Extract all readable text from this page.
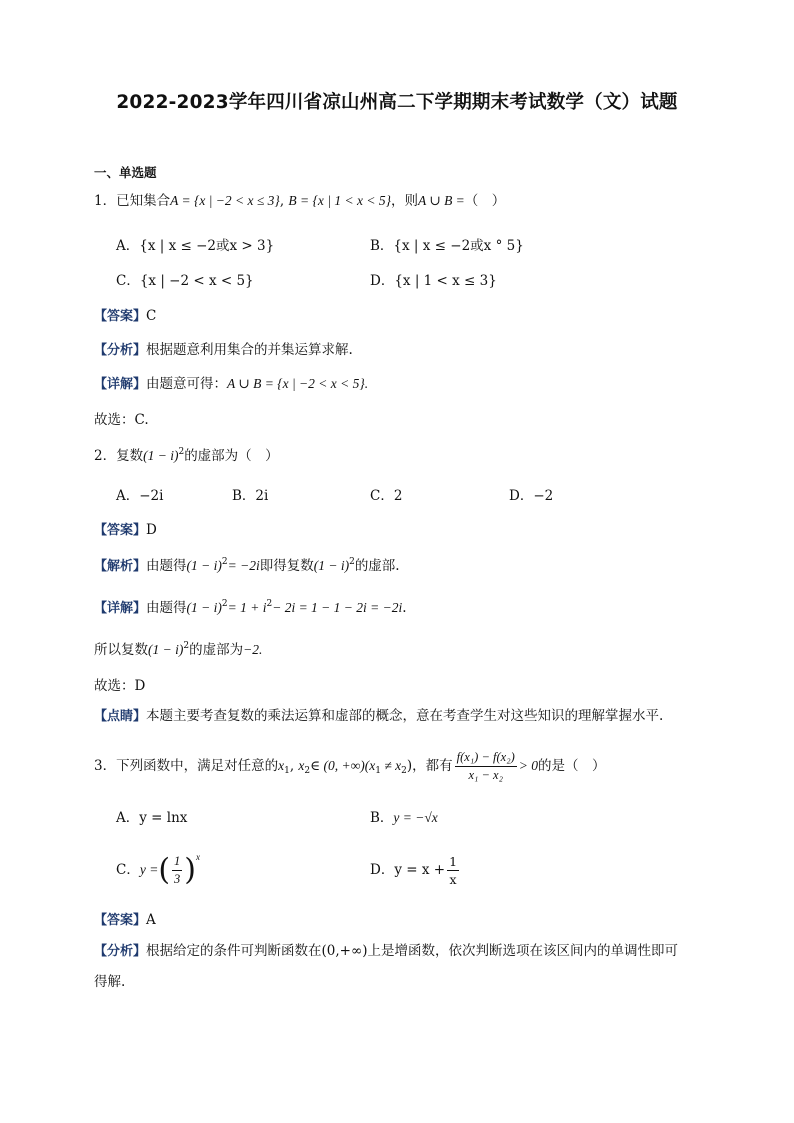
2022-2023学年四川省凉山州高二下学期期末考试数学（文）试题
一、单选题
1．已知集合A = {x | −2 < x ≤ 3}, B = {x | 1 < x < 5}，则A ∪ B =（　）
A．{x | x ≤ −2或x > 3}	B．{x | x ≤ −2或x ° 5}
C．{x | −2 < x < 5}	D．{x | 1 < x ≤ 3}
【答案】C
【分析】根据题意利用集合的并集运算求解.
【详解】由题意可得：A ∪ B = {x | −2 < x < 5}.
故选：C.
2．复数$(1 - i)^2$的虚部为（　）
A．−2i	B．2i	C．2	D．−2
【答案】D
【解析】由题得$(1 - i)^2= -2i$即得复数$(1 - i)^2$的虚部.
【详解】由题得$(1 - i)^2= 1 + i^2- 2i = 1 - 1 - 2i = -2i$.
所以复数$(1 - i)^2$的虚部为−2.
故选：D
【点睛】本题主要考查复数的乘法运算和虚部的概念，意在考查学生对这些知识的理解掌握水平.
3．下列函数中，满足对任意的$x_1$, $x_2\in$ (0, $+\infty)(x_1 \ne x_2)$，都有 $\frac{\text{f(x₁) − f(x₂)}}{\text{x₁ − x₂}} > 0$的是（　）
A．y = lnx	B．y = −√x
C．y =( $\frac{1}{3} )^x$
D．$y = x + \frac{1}{x}$
【答案】A
【分析】根据给定的条件可判断函数在(0,+∞)上是增函数，依次判断选项在该区间内的单调性即可
得解.
